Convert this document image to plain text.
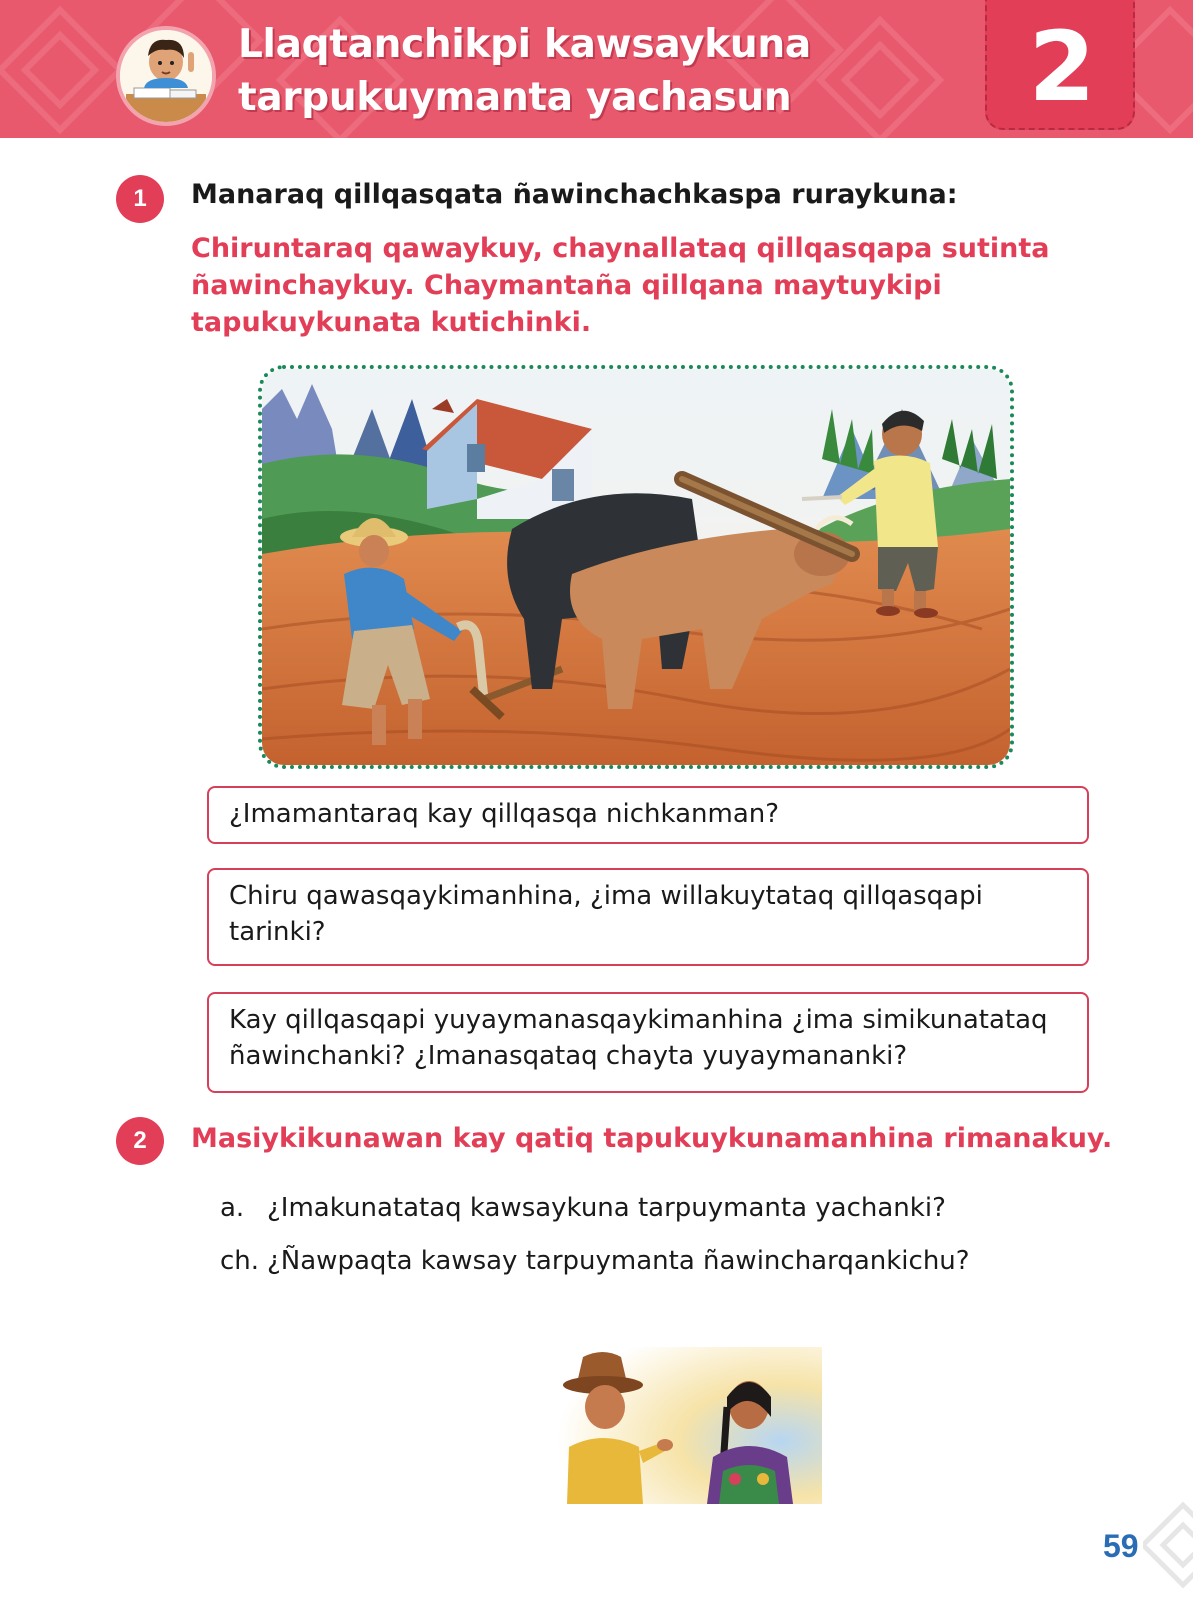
Llaqtanchikpi kawsaykuna
tarpukuymanta yachasun	2
1	Manaraq qillqasqata ñawinchachkaspa ruraykuna:
Chiruntaraq qawaykuy, chaynallataq qillqasqapa sutinta ñawinchaykuy. Chaymantaña qillqana maytuykipi tapukuykunata kutichinki.
¿Imamantaraq kay qillqasqa nichkanman?
Chiru qawasqaykimanhina, ¿ima willakuytataq qillqasqapi tarinki?
Kay qillqasqapi yuyaymanasqaykimanhina ¿ima simikunatataq ñawinchanki? ¿Imanasqataq chayta yuyaymananki?
2	Masiykikunawan kay qatiq tapukuykunamanhina rimanakuy.
a. ¿Imakunatataq kawsaykuna tarpuymanta yachanki?
ch. ¿Ñawpaqta kawsay tarpuymanta ñawincharqankichu?
59
